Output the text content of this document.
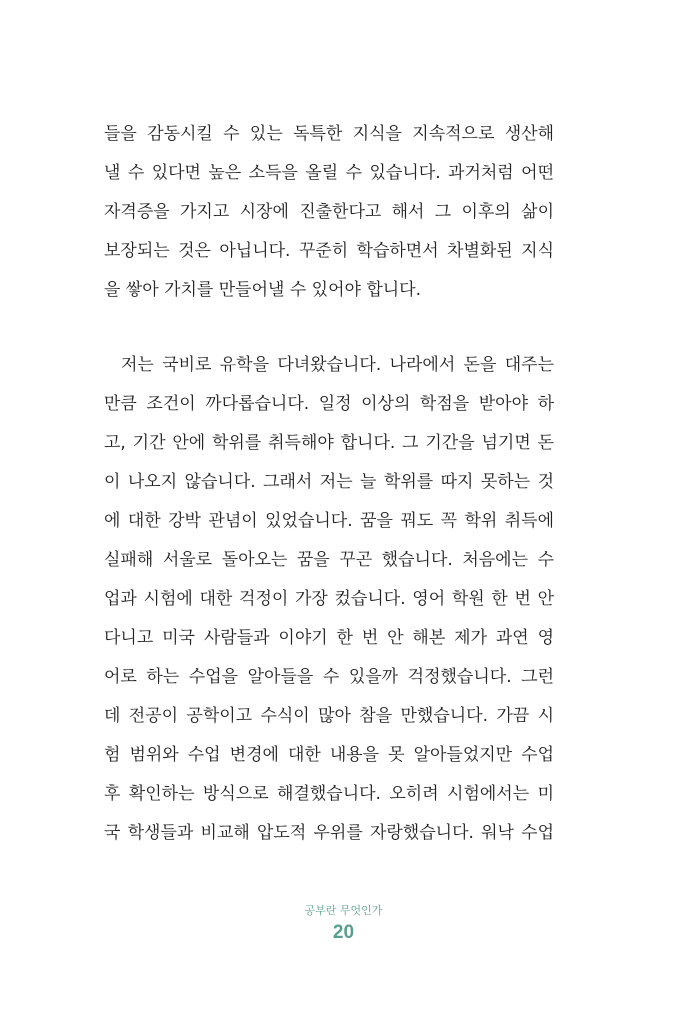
들을 감동시킬 수 있는 독특한 지식을 지속적으로 생산해
낼 수 있다면 높은 소득을 올릴 수 있습니다. 과거처럼 어떤
자격증을 가지고 시장에 진출한다고 해서 그 이후의 삶이
보장되는 것은 아닙니다. 꾸준히 학습하면서 차별화된 지식
을 쌓아 가치를 만들어낼 수 있어야 합니다.
저는 국비로 유학을 다녀왔습니다. 나라에서 돈을 대주는
만큼 조건이 까다롭습니다. 일정 이상의 학점을 받아야 하
고, 기간 안에 학위를 취득해야 합니다. 그 기간을 넘기면 돈
이 나오지 않습니다. 그래서 저는 늘 학위를 따지 못하는 것
에 대한 강박 관념이 있었습니다. 꿈을 꿔도 꼭 학위 취득에
실패해 서울로 돌아오는 꿈을 꾸곤 했습니다. 처음에는 수
업과 시험에 대한 걱정이 가장 컸습니다. 영어 학원 한 번 안
다니고 미국 사람들과 이야기 한 번 안 해본 제가 과연 영
어로 하는 수업을 알아들을 수 있을까 걱정했습니다. 그런
데 전공이 공학이고 수식이 많아 참을 만했습니다. 가끔 시
험 범위와 수업 변경에 대한 내용을 못 알아들었지만 수업
후 확인하는 방식으로 해결했습니다. 오히려 시험에서는 미
국 학생들과 비교해 압도적 우위를 자랑했습니다. 워낙 수업
공부란 무엇인가
20
